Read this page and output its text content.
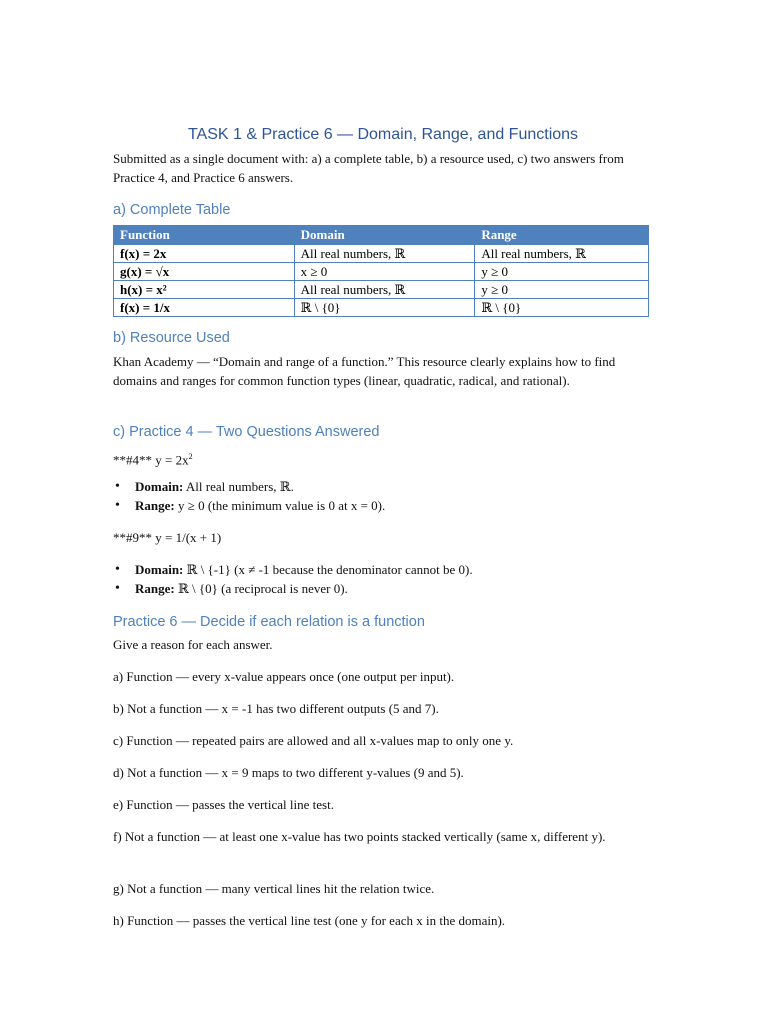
TASK 1 & Practice 6 — Domain, Range, and Functions

Submitted as a single document with: a) a complete table, b) a resource used, c) two answers from Practice 4, and Practice 6 answers.

a) Complete Table
Function	Domain	Range
f(x) = 2x	All real numbers, ℝ	All real numbers, ℝ
g(x) = √x	x ≥ 0	y ≥ 0
h(x) = x²	All real numbers, ℝ	y ≥ 0
f(x) = 1/x	ℝ \ {0}	ℝ \ {0}
b) Resource Used

Khan Academy — “Domain and range of a function.” This resource clearly explains how to find domains and ranges for common function types (linear, quadratic, radical, and rational).

c) Practice 4 — Two Questions Answered
**#4** $y = 2x^2$
• Domain: All real numbers, ℝ.
• Range: y ≥ 0 (the minimum value is 0 at x = 0).
**#9** y = 1/(x + 1)
• Domain: ℝ \ {-1} (x ≠ -1 because the denominator cannot be 0).
• Range: ℝ \ {0} (a reciprocal is never 0).
Practice 6 — Decide if each relation is a function

Give a reason for each answer.

a) Function — every x-value appears once (one output per input).

b) Not a function — x = -1 has two different outputs (5 and 7).

c) Function — repeated pairs are allowed and all x-values map to only one y.

d) Not a function — x = 9 maps to two different y-values (9 and 5).

e) Function — passes the vertical line test.

f) Not a function — at least one x-value has two points stacked vertically (same x, different y).

g) Not a function — many vertical lines hit the relation twice.

h) Function — passes the vertical line test (one y for each x in the domain).
